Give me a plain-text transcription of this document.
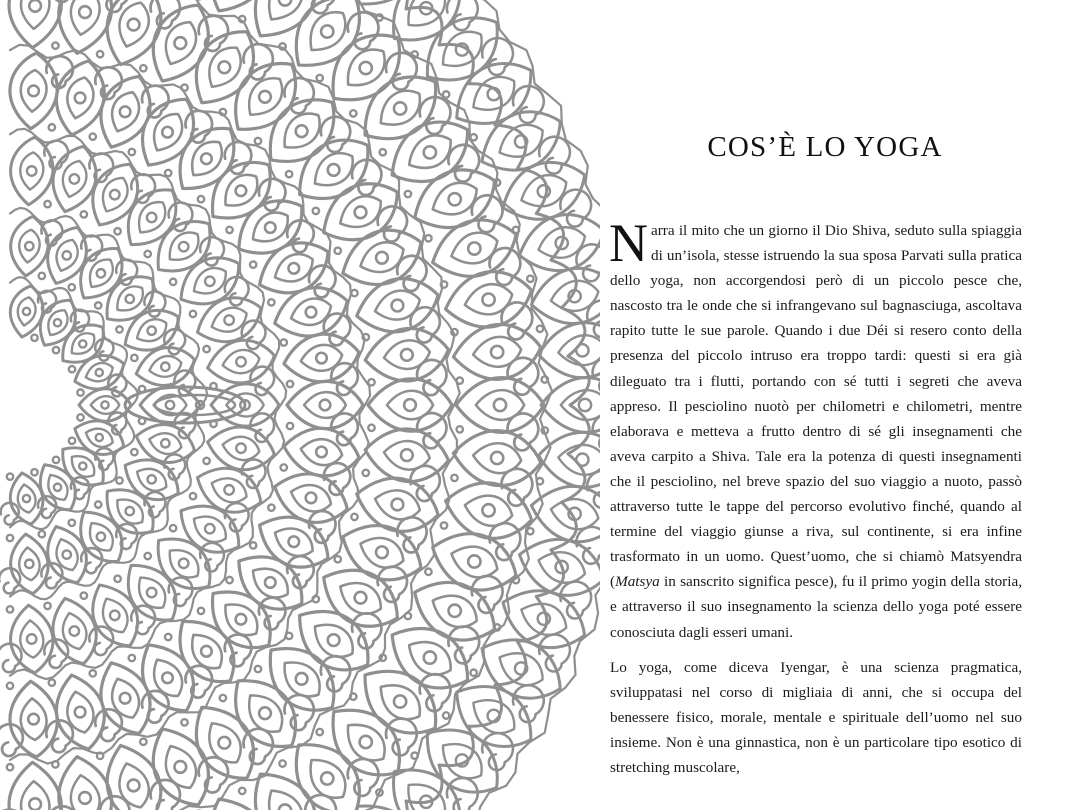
COS’È LO YOGA

Narra il mito che un giorno il Dio Shiva, seduto sulla spiaggia di un’isola, stesse istruendo la sua sposa Parvati sulla pratica dello yoga, non accorgendosi però di un piccolo pesce che, nascosto tra le onde che si infrangevano sul bagnasciuga, ascoltava rapito tutte le sue parole. Quando i due Déi si resero conto della presenza del piccolo intruso era troppo tardi: questi si era già dileguato tra i flutti, portando con sé tutti i segreti che aveva appreso. Il pesciolino nuotò per chilometri e chilometri, mentre elaborava e metteva a frutto dentro di sé gli insegnamenti che aveva carpito a Shiva. Tale era la potenza di questi insegnamenti che il pesciolino, nel breve spazio del suo viaggio a nuoto, passò attraverso tutte le tappe del percorso evolutivo finché, quando al termine del viaggio giunse a riva, sul continente, si era infine trasformato in un uomo. Quest’uomo, che si chiamò Matsyendra (Matsya in sanscrito significa pesce), fu il primo yogin della storia, e attraverso il suo insegnamento la scienza dello yoga poté essere conosciuta dagli esseri umani.

Lo yoga, come diceva Iyengar, è una scienza pragmatica, sviluppatasi nel corso di migliaia di anni, che si occupa del benessere fisico, morale, mentale e spirituale dell’uomo nel suo insieme. Non è una ginnastica, non è un particolare tipo esotico di stretching muscolare,
